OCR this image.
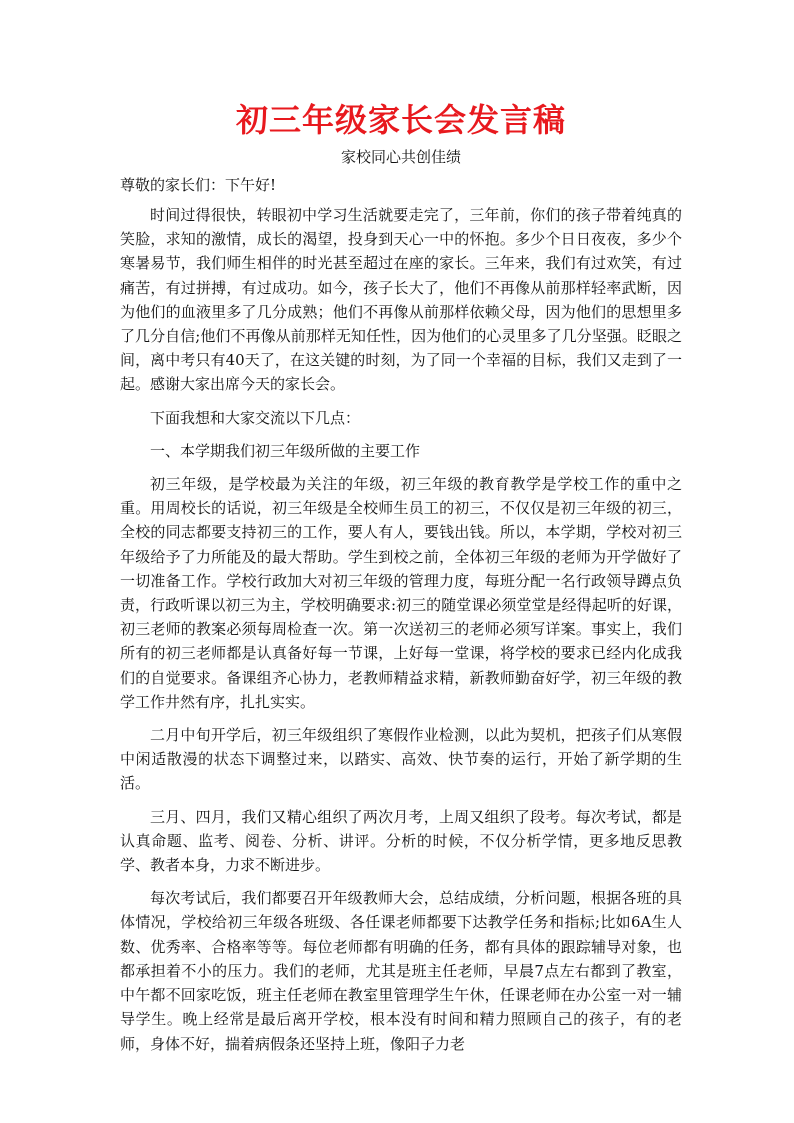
初三年级家长会发言稿
家校同心共创佳绩
尊敬的家长们：下午好!

时间过得很快，转眼初中学习生活就要走完了，三年前，你们的孩子带着纯真的笑脸，求知的激情，成长的渴望，投身到天心一中的怀抱。多少个日日夜夜，多少个寒暑易节，我们师生相伴的时光甚至超过在座的家长。三年来，我们有过欢笑，有过痛苦，有过拼搏，有过成功。如今，孩子长大了，他们不再像从前那样轻率武断，因为他们的血液里多了几分成熟；他们不再像从前那样依赖父母，因为他们的思想里多了几分自信;他们不再像从前那样无知任性，因为他们的心灵里多了几分坚强。眨眼之间，离中考只有40天了，在这关键的时刻，为了同一个幸福的目标，我们又走到了一起。感谢大家出席今天的家长会。

下面我想和大家交流以下几点：

一、本学期我们初三年级所做的主要工作

初三年级，是学校最为关注的年级，初三年级的教育教学是学校工作的重中之重。用周校长的话说，初三年级是全校师生员工的初三，不仅仅是初三年级的初三，全校的同志都要支持初三的工作，要人有人，要钱出钱。所以，本学期，学校对初三年级给予了力所能及的最大帮助。学生到校之前，全体初三年级的老师为开学做好了一切准备工作。学校行政加大对初三年级的管理力度，每班分配一名行政领导蹲点负责，行政听课以初三为主，学校明确要求:初三的随堂课必须堂堂是经得起听的好课，初三老师的教案必须每周检查一次。第一次送初三的老师必须写详案。事实上，我们所有的初三老师都是认真备好每一节课，上好每一堂课，将学校的要求已经内化成我们的自觉要求。备课组齐心协力，老教师精益求精，新教师勤奋好学，初三年级的教学工作井然有序，扎扎实实。

二月中旬开学后，初三年级组织了寒假作业检测，以此为契机，把孩子们从寒假中闲适散漫的状态下调整过来，以踏实、高效、快节奏的运行，开始了新学期的生活。

三月、四月，我们又精心组织了两次月考，上周又组织了段考。每次考试，都是认真命题、监考、阅卷、分析、讲评。分析的时候，不仅分析学情，更多地反思教学、教者本身，力求不断进步。

每次考试后，我们都要召开年级教师大会，总结成绩，分析问题，根据各班的具体情况，学校给初三年级各班级、各任课老师都要下达教学任务和指标;比如6A生人数、优秀率、合格率等等。每位老师都有明确的任务，都有具体的跟踪辅导对象，也都承担着不小的压力。我们的老师，尤其是班主任老师，早晨7点左右都到了教室，中午都不回家吃饭，班主任老师在教室里管理学生午休，任课老师在办公室一对一辅导学生。晚上经常是最后离开学校，根本没有时间和精力照顾自己的孩子，有的老师，身体不好，揣着病假条还坚持上班，像阳子力老
